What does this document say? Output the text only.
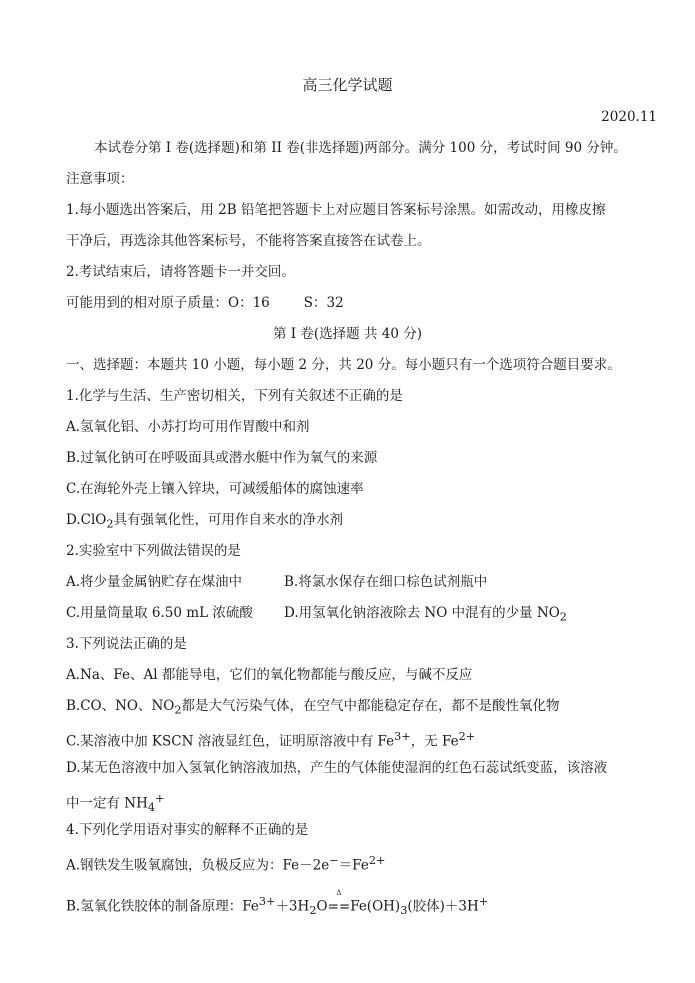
高三化学试题
2020.11
本试卷分第 I 卷(选择题)和第 II 卷(非选择题)两部分。满分 100 分，考试时间 90 分钟。
注意事项：
1.每小题选出答案后，用 2B 铅笔把答题卡上对应题目答案标号涂黑。如需改动，用橡皮擦
干净后，再选涂其他答案标号，不能将答案直接答在试卷上。
2.考试结束后，请将答题卡一并交回。
可能用到的相对原子质量：O：16	S：32
第 I 卷(选择题 共 40 分)
一、选择题：本题共 10 小题，每小题 2 分，共 20 分。每小题只有一个选项符合题目要求。
1.化学与生活、生产密切相关，下列有关叙述不正确的是
A.氢氧化铝、小苏打均可用作胃酸中和剂
B.过氧化钠可在呼吸面具或潜水艇中作为氧气的来源
C.在海轮外壳上镶入锌块，可减缓船体的腐蚀速率
D.ClO$_2$具有强氧化性，可用作自来水的净水剂
2.实验室中下列做法错误的是
A.将少量金属钠贮存在煤油中	B.将氯水保存在细口棕色试剂瓶中
C.用量筒量取 6.50 mL 浓硫酸 D.用氢氧化钠溶液除去 NO 中混有的少量 $NO_2$
3.下列说法正确的是
A.Na、Fe、Al 都能导电，它们的氧化物都能与酸反应，与碱不反应
B.CO、NO、$NO_2$都是大气污染气体，在空气中都能稳定存在，都不是酸性氧化物
C.某溶液中加 KSCN 溶液显红色，证明原溶液中有 $Fe^{3+}$，无 $Fe^{2+}$
D.某无色溶液中加入氢氧化钠溶液加热，产生的气体能使湿润的红色石蕊试纸变蓝，该溶液
中一定有 $NH_4^+$
4.下列化学用语对事实的解释不正确的是
A.钢铁发生吸氧腐蚀，负极反应为：$Fe-2e^-=Fe^{2+}$
B.氢氧化铁胶体的制备原理：$Fe^{3+}+3H_2O$
Δ
$==Fe(OH)_3$(胶体)＋3H+
